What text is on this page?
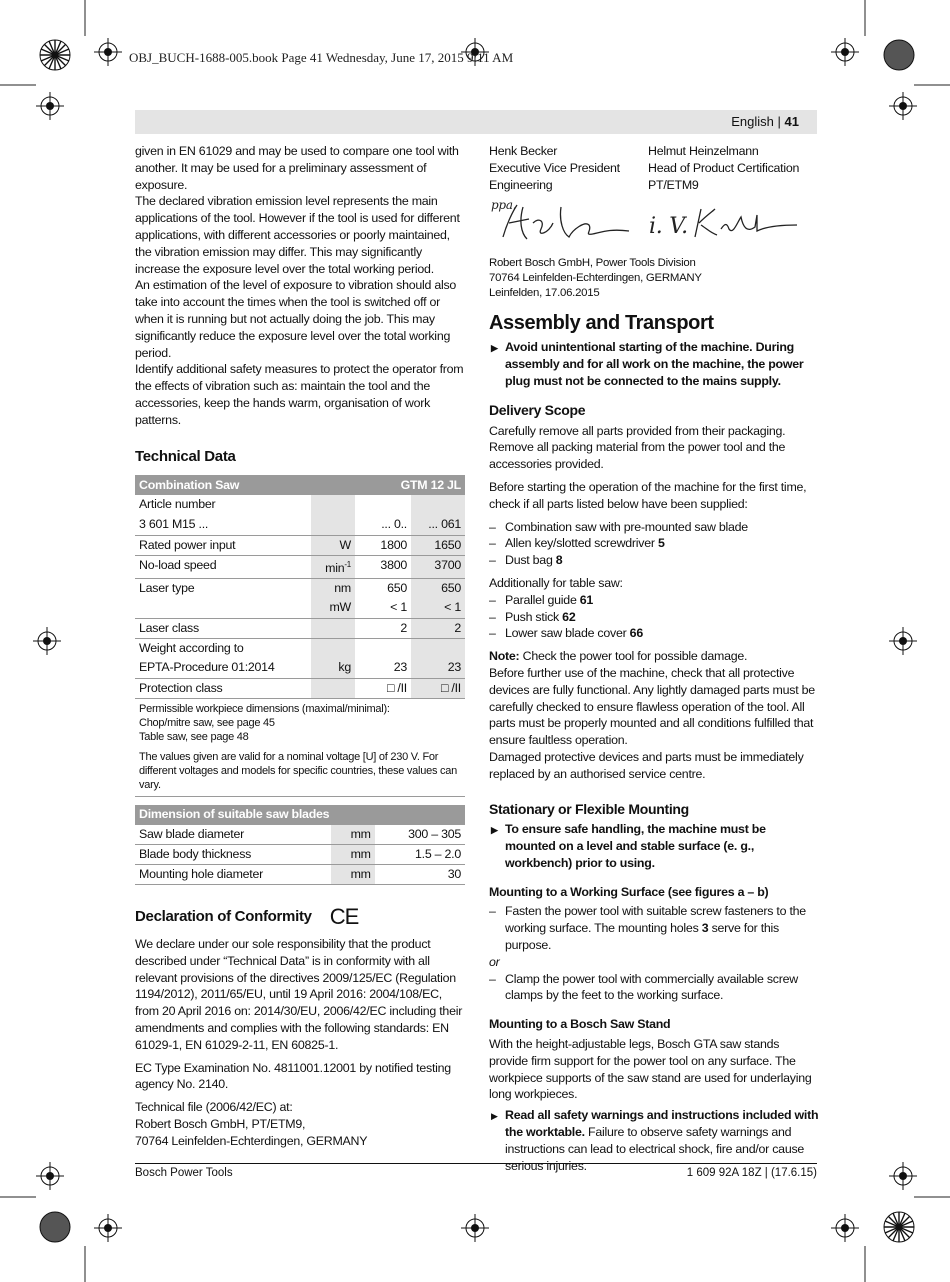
OBJ_BUCH-1688-005.book Page 41 Wednesday, June 17, 2015 9:11 AM
English | 41

given in EN 61029 and may be used to compare one tool with another. It may be used for a preliminary assessment of exposure.

The declared vibration emission level represents the main applications of the tool. However if the tool is used for different applications, with different accessories or poorly maintained, the vibration emission may differ. This may significantly increase the exposure level over the total working period.

An estimation of the level of exposure to vibration should also take into account the times when the tool is switched off or when it is running but not actually doing the job. This may significantly reduce the exposure level over the total working period.

Identify additional safety measures to protect the operator from the effects of vibration such as: maintain the tool and the accessories, keep the hands warm, organisation of work patterns.

Technical Data
Combination Saw		GTM 12 JL	
Article number			
3 601 M15 ...		... 0..	... 061
Rated power input	W	1800	1650
No-load speed	$\min^{-1}$	3800	3700
Laser type	nm	650	650
	mW	< 1	< 1
Laser class		2	2
Weight according to			
EPTA-Procedure 01:2014	kg	23	23
Protection class		□ /II	□ /II
Permissible workpiece dimensions (maximal/minimal):
Chop/mitre saw, see page 45
Table saw, see page 48
The values given are valid for a nominal voltage [U] of 230 V. For different voltages and models for specific countries, these values can vary.
Dimension of suitable saw blades		
Saw blade diameter	mm	300 – 305
Blade body thickness	mm	1.5 – 2.0
Mounting hole diameter	mm	30
Declaration of Conformity CE

We declare under our sole responsibility that the product described under “Technical Data” is in conformity with all relevant provisions of the directives 2009/125/EC (Regulation 1194/2012), 2011/65/EU, until 19 April 2016: 2004/108/EC, from 20 April 2016 on: 2014/30/EU, 2006/42/EC including their amendments and complies with the following standards: EN 61029-1, EN 61029-2-11, EN 60825-1.

EC Type Examination No. 4811001.12001 by notified testing agency No. 2140.

Technical file (2006/42/EC) at:
Robert Bosch GmbH, PT/ETM9,
70764 Leinfelden-Echterdingen, GERMANY
Henk Becker
Executive Vice President
Engineering
Helmut Heinzelmann
Head of Product Certification
PT/ETM9
ppa.
i. V.
Robert Bosch GmbH, Power Tools Division
70764 Leinfelden-Echterdingen, GERMANY
Leinfelden, 17.06.2015
Assembly and Transport

▶ Avoid unintentional starting of the machine. During assembly and for all work on the machine, the power plug must not be connected to the mains supply.

Delivery Scope

Carefully remove all parts provided from their packaging. Remove all packing material from the power tool and the accessories provided.

Before starting the operation of the machine for the first time, check if all parts listed below have been supplied:

– Combination saw with pre-mounted saw blade
– Allen key/slotted screwdriver 5
– Dust bag 8

Additionally for table saw:

– Parallel guide 61
– Push stick 62
– Lower saw blade cover 66

Note: Check the power tool for possible damage.

Before further use of the machine, check that all protective devices are fully functional. Any lightly damaged parts must be carefully checked to ensure flawless operation of the tool. All parts must be properly mounted and all conditions fulfilled that ensure faultless operation.

Damaged protective devices and parts must be immediately replaced by an authorised service centre.

Stationary or Flexible Mounting

▶ To ensure safe handling, the machine must be mounted on a level and stable surface (e. g., workbench) prior to using.

Mounting to a Working Surface (see figures a – b)
– Fasten the power tool with suitable screw fasteners to the working surface. The mounting holes 3 serve for this purpose.
or
– Clamp the power tool with commercially available screw clamps by the feet to the working surface.
Mounting to a Bosch Saw Stand

With the height-adjustable legs, Bosch GTA saw stands provide firm support for the power tool on any surface. The workpiece supports of the saw stand are used for underlaying long workpieces.

▶ Read all safety warnings and instructions included with the worktable. Failure to observe safety warnings and instructions can lead to electrical shock, fire and/or cause serious injuries.

Bosch Power Tools	1 609 92A 18Z | (17.6.15)
